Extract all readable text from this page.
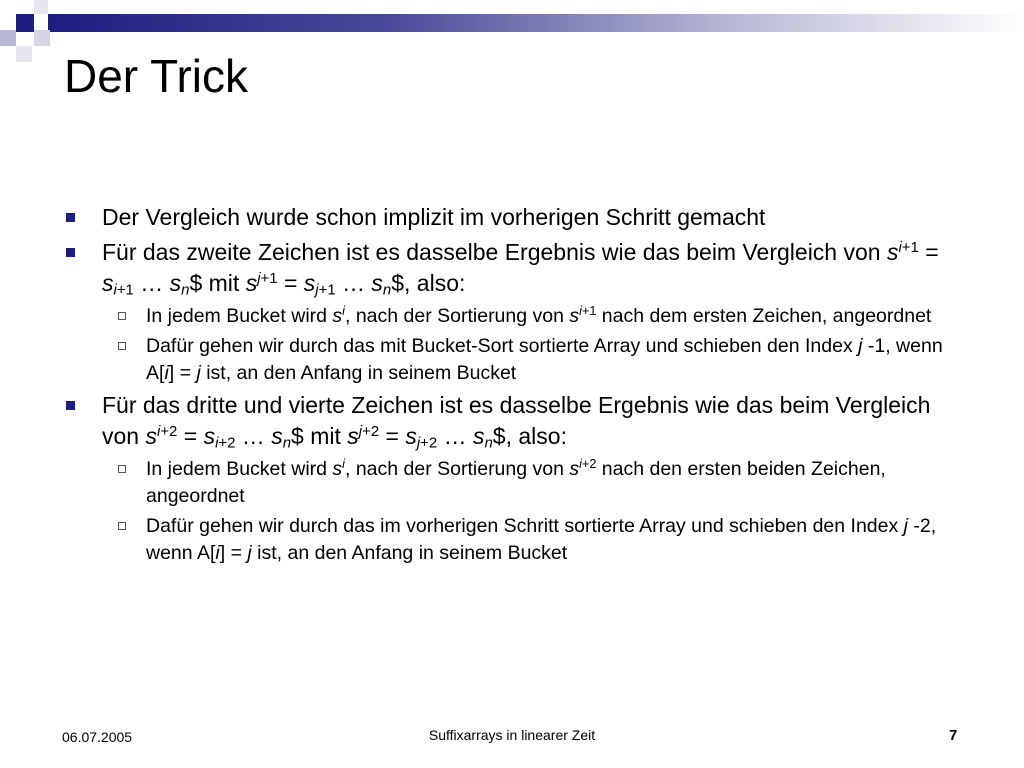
Der Trick
Der Vergleich wurde schon implizit im vorherigen Schritt gemacht
Für das zweite Zeichen ist es dasselbe Ergebnis wie das beim Vergleich von $s^{i+1} = s_{i+1}$ … $s_n\$$ mit $s^{j+1} = s_{j+1}$ … $s_n\$$, also:
In jedem Bucket wird $s^i$, nach der Sortierung von $s^{i+1}$ nach dem ersten Zeichen, angeordnet
Dafür gehen wir durch das mit Bucket-Sort sortierte Array und schieben den Index j -1, wenn A[i] = j ist, an den Anfang in seinem Bucket
Für das dritte und vierte Zeichen ist es dasselbe Ergebnis wie das beim Vergleich von $s^{i+2} = s_{i+2}$ … $s_n\$$ mit $s^{j+2} = s_{j+2}$ … $s_n\$$, also:
In jedem Bucket wird $s^i$, nach der Sortierung von $s^{i+2}$ nach den ersten beiden Zeichen, angeordnet
Dafür gehen wir durch das im vorherigen Schritt sortierte Array und schieben den Index j -2, wenn A[i] = j ist, an den Anfang in seinem Bucket
06.07.2005	Suffixarrays in linearer Zeit	7
